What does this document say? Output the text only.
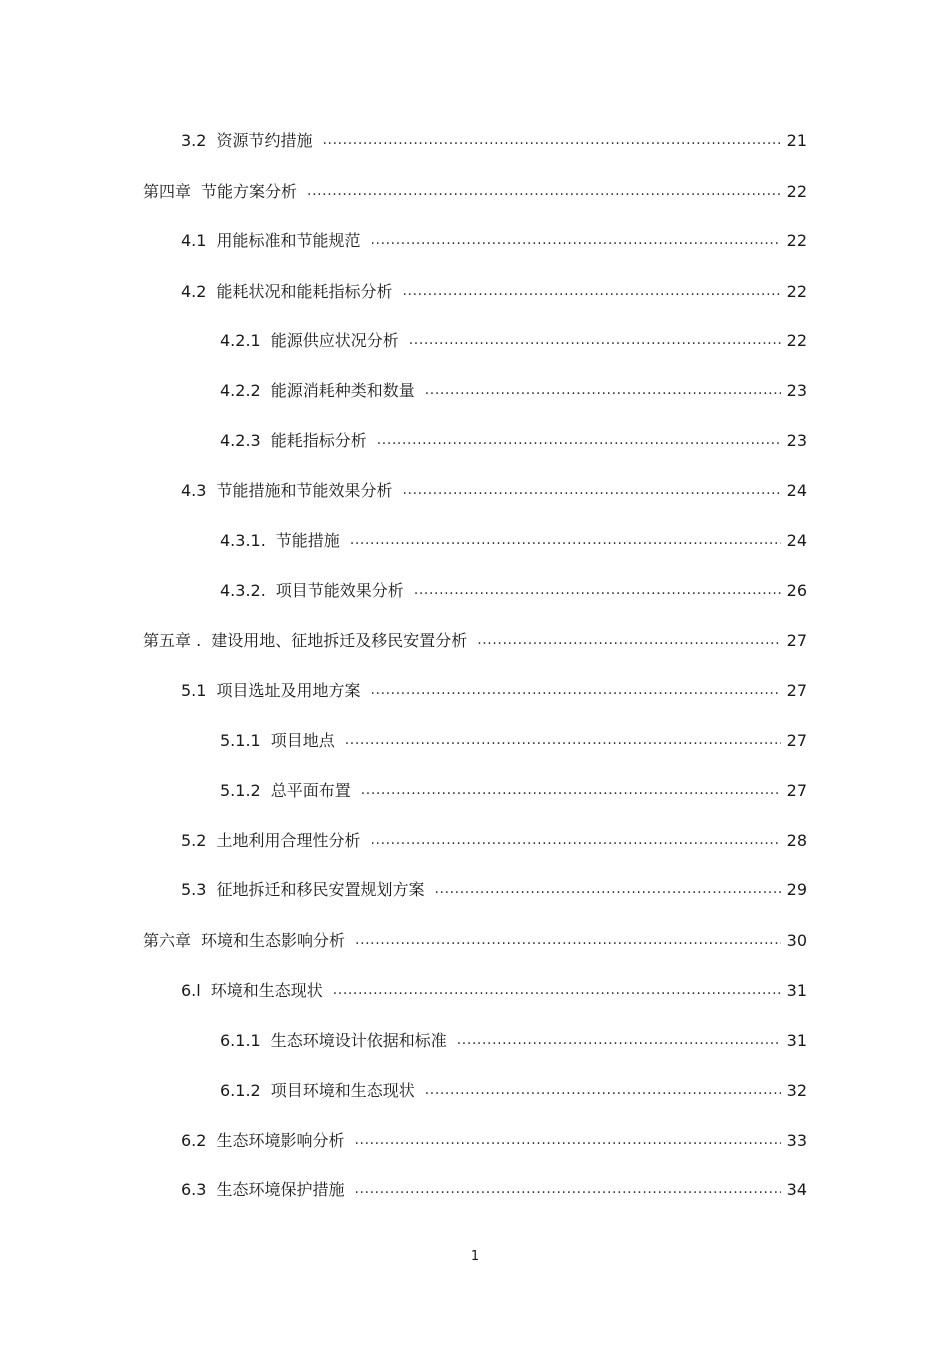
3.2 资源节约措施 .....	21
第四章 节能方案分析 .....	22
4.1 用能标准和节能规范 .....	22
4.2 能耗状况和能耗指标分析 .....	22
4.2.1 能源供应状况分析 .....	22
4.2.2 能源消耗种类和数量 .....	23
4.2.3 能耗指标分析 .....	23
4.3 节能措施和节能效果分析 .....	24
4.3.1. 节能措施 .....	24
4.3.2. 项目节能效果分析 .....	26
第五章 . 建设用地、征地拆迁及移民安置分析 .....	27
5.1 项目选址及用地方案 .....	27
5.1.1 项目地点 .....	27
5.1.2 总平面布置 .....	27
5.2 土地利用合理性分析 .....	28
5.3 征地拆迁和移民安置规划方案 .....	29
第六章 环境和生态影响分析 .....	30
6.l 环境和生态现状 .....	31
6.1.1 生态环境设计依据和标准 .....	31
6.1.2 项目环境和生态现状 .....	32
6.2 生态环境影响分析 .....	33
6.3 生态环境保护措施 .....	34
1
